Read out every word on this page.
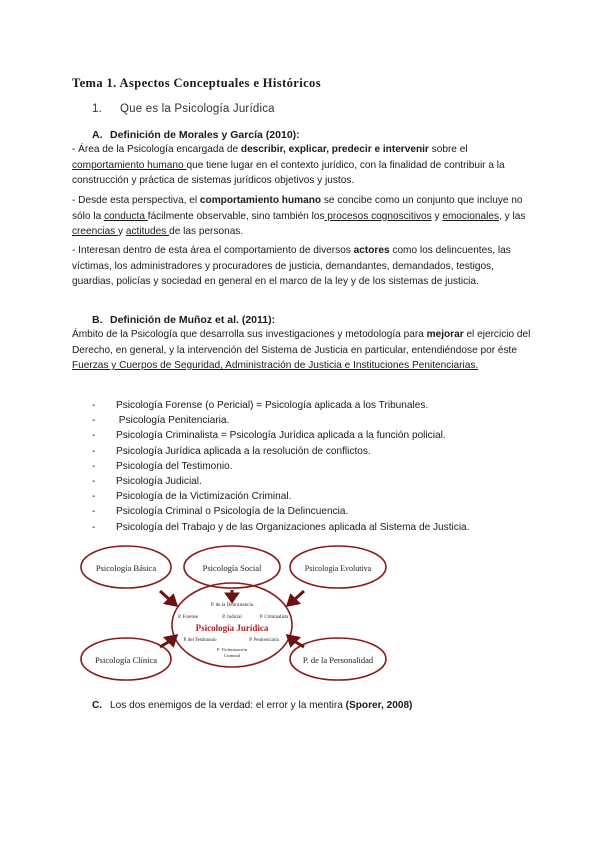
Tema 1. Aspectos Conceptuales e Históricos
1. Que es la Psicología Jurídica
A. Definición de Morales y García (2010):

- Área de la Psicología encargada de describir, explicar, predecir e intervenir sobre el comportamiento humano que tiene lugar en el contexto jurídico, con la finalidad de contribuir a la construcción y práctica de sistemas jurídicos objetivos y justos.

- Desde esta perspectiva, el comportamiento humano se concibe como un conjunto que incluye no sólo la conducta fácilmente observable, sino también los procesos cognoscitivos y emocionales, y las creencias y actitudes de las personas.

- Interesan dentro de esta área el comportamiento de diversos actores como los delincuentes, las víctimas, los administradores y procuradores de justicia, demandantes, demandados, testigos, guardias, policías y sociedad en general en el marco de la ley y de los sistemas de justicia.

B. Definición de Muñoz et al. (2011):

Ámbito de la Psicología que desarrolla sus investigaciones y metodología para mejorar el ejercicio del Derecho, en general, y la intervención del Sistema de Justicia en particular, entendiéndose por éste Fuerzas y Cuerpos de Seguridad, Administración de Justicia e Instituciones Penitenciarias.

- Psicología Forense (o Pericial) = Psicología aplicada a los Tribunales.
- Psicología Penitenciaria.
- Psicología Criminalista = Psicología Jurídica aplicada a la función policial.
- Psicología Jurídica aplicada a la resolución de conflictos.
- Psicología del Testimonio.
- Psicología Judicial.
- Psicología de la Victimización Criminal.
- Psicología Criminal o Psicología de la Delincuencia.
- Psicología del Trabajo y de las Organizaciones aplicada al Sistema de Justicia.
Psicología Básica	Psicología Social	Psicología Evolutiva
Psicología Clínica	P. de la Personalidad
P. de la Delincuencia
P. Forense	P. Judicial	P. Criminalista
Psicología Jurídica
P. del Testimonio	P. Penitenciaria
P. Victimización
Criminal
C. Los dos enemigos de la verdad: el error y la mentira (Sporer, 2008)
